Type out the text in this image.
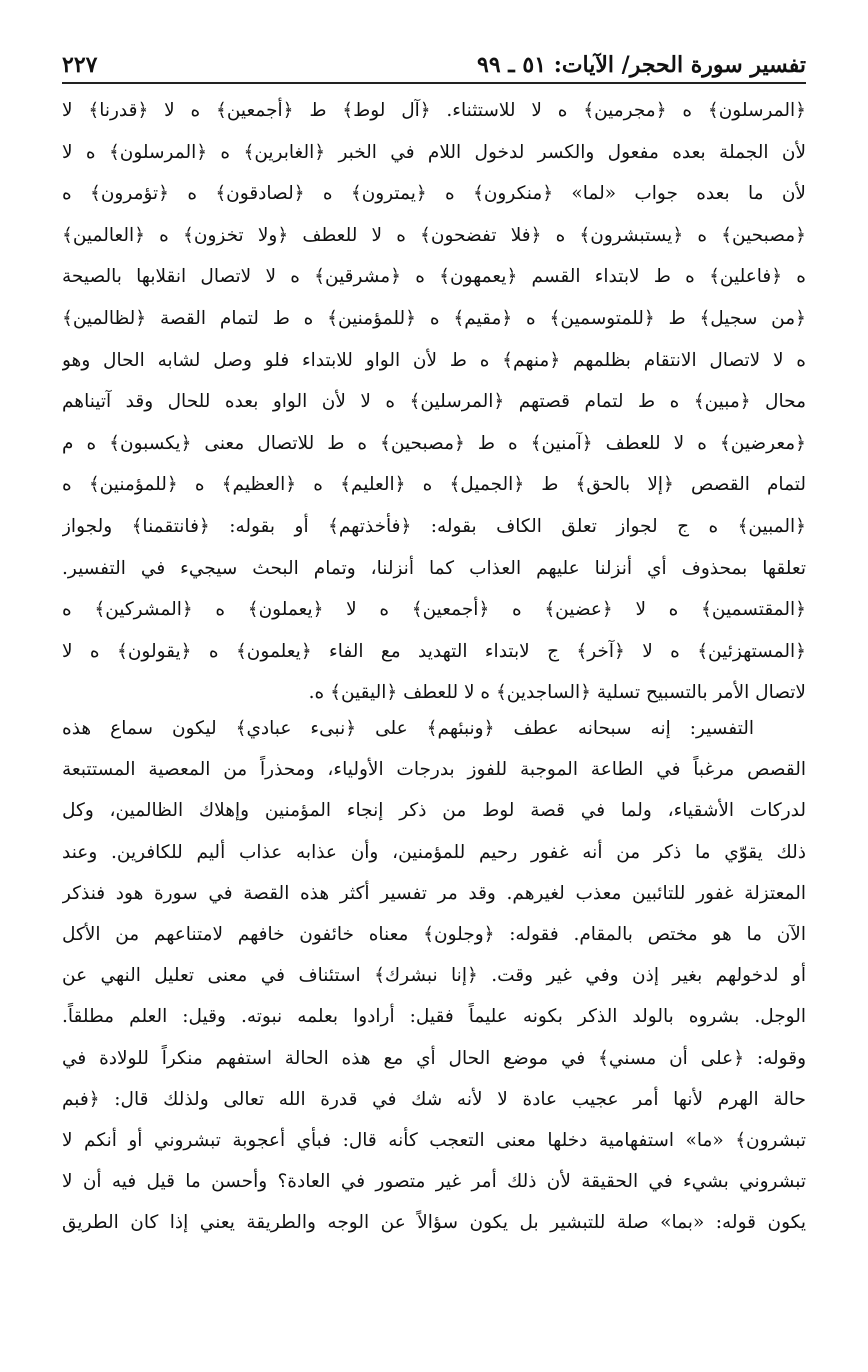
تفسير سورة الحجر/ الآيات: ٥١ ـ ٩٩
٢٢٧
﴿المرسلون﴾ ه ﴿مجرمين﴾ ه لا للاستثناء. ﴿آل لوط﴾ ط ﴿أجمعين﴾ ه لا ﴿قدرنا﴾ لا
لأن الجملة بعده مفعول والكسر لدخول اللام في الخبر ﴿الغابرين﴾ ه ﴿المرسلون﴾ ه لا
لأن ما بعده جواب «لما» ﴿منكرون﴾ ه ﴿يمترون﴾ ه ﴿لصادقون﴾ ه ﴿تؤمرون﴾ ه
﴿مصبحين﴾ ه ﴿يستبشرون﴾ ه ﴿فلا تفضحون﴾ ه لا للعطف ﴿ولا تخزون﴾ ه ﴿العالمين﴾
ه ﴿فاعلين﴾ ه ط لابتداء القسم ﴿يعمهون﴾ ه ﴿مشرقين﴾ ه لا لاتصال انقلابها بالصيحة
﴿من سجيل﴾ ط ﴿للمتوسمين﴾ ه ﴿مقيم﴾ ه ﴿للمؤمنين﴾ ه ط لتمام القصة ﴿لظالمين﴾
ه لا لاتصال الانتقام بظلمهم ﴿منهم﴾ ه ط لأن الواو للابتداء فلو وصل لشابه الحال وهو
محال ﴿مبين﴾ ه ط لتمام قصتهم ﴿المرسلين﴾ ه لا لأن الواو بعده للحال وقد آتيناهم
﴿معرضين﴾ ه لا للعطف ﴿آمنين﴾ ه ط ﴿مصبحين﴾ ه ط للاتصال معنى ﴿يكسبون﴾ ه م
لتمام القصص ﴿إلا بالحق﴾ ط ﴿الجميل﴾ ه ﴿العليم﴾ ه ﴿العظيم﴾ ه ﴿للمؤمنين﴾ ه
﴿المبين﴾ ه ج لجواز تعلق الكاف بقوله: ﴿فأخذتهم﴾ أو بقوله: ﴿فانتقمنا﴾ ولجواز
تعلقها بمحذوف أي أنزلنا عليهم العذاب كما أنزلنا، وتمام البحث سيجيء في التفسير.
﴿المقتسمين﴾ ه لا ﴿عضين﴾ ه ﴿أجمعين﴾ ه لا ﴿يعملون﴾ ه ﴿المشركين﴾ ه
﴿المستهزئين﴾ ه لا ﴿آخر﴾ ج لابتداء التهديد مع الفاء ﴿يعلمون﴾ ه ﴿يقولون﴾ ه لا
لاتصال الأمر بالتسبيح تسلية ﴿الساجدين﴾ ه لا للعطف ﴿اليقين﴾ ه.
التفسير: إنه سبحانه عطف ﴿ونبئهم﴾ على ﴿نبىء عبادي﴾ ليكون سماع هذه
القصص مرغباً في الطاعة الموجبة للفوز بدرجات الأولياء، ومحذراً من المعصية المستتبعة
لدركات الأشقياء، ولما في قصة لوط من ذكر إنجاء المؤمنين وإهلاك الظالمين، وكل
ذلك يقوّي ما ذكر من أنه غفور رحيم للمؤمنين، وأن عذابه عذاب أليم للكافرين. وعند
المعتزلة غفور للتائبين معذب لغيرهم. وقد مر تفسير أكثر هذه القصة في سورة هود فنذكر
الآن ما هو مختص بالمقام. فقوله: ﴿وجلون﴾ معناه خائفون خافهم لامتناعهم من الأكل
أو لدخولهم بغير إذن وفي غير وقت. ﴿إنا نبشرك﴾ استئناف في معنى تعليل النهي عن
الوجل. بشروه بالولد الذكر بكونه عليماً فقيل: أرادوا بعلمه نبوته. وقيل: العلم مطلقاً.
وقوله: ﴿على أن مسني﴾ في موضع الحال أي مع هذه الحالة استفهم منكراً للولادة في
حالة الهرم لأنها أمر عجيب عادة لا لأنه شك في قدرة الله تعالى ولذلك قال: ﴿فبم
تبشرون﴾ «ما» استفهامية دخلها معنى التعجب كأنه قال: فبأي أعجوبة تبشروني أو أنكم لا
تبشروني بشيء في الحقيقة لأن ذلك أمر غير متصور في العادة؟ وأحسن ما قيل فيه أن لا
يكون قوله: «بما» صلة للتبشير بل يكون سؤالاً عن الوجه والطريقة يعني إذا كان الطريق
